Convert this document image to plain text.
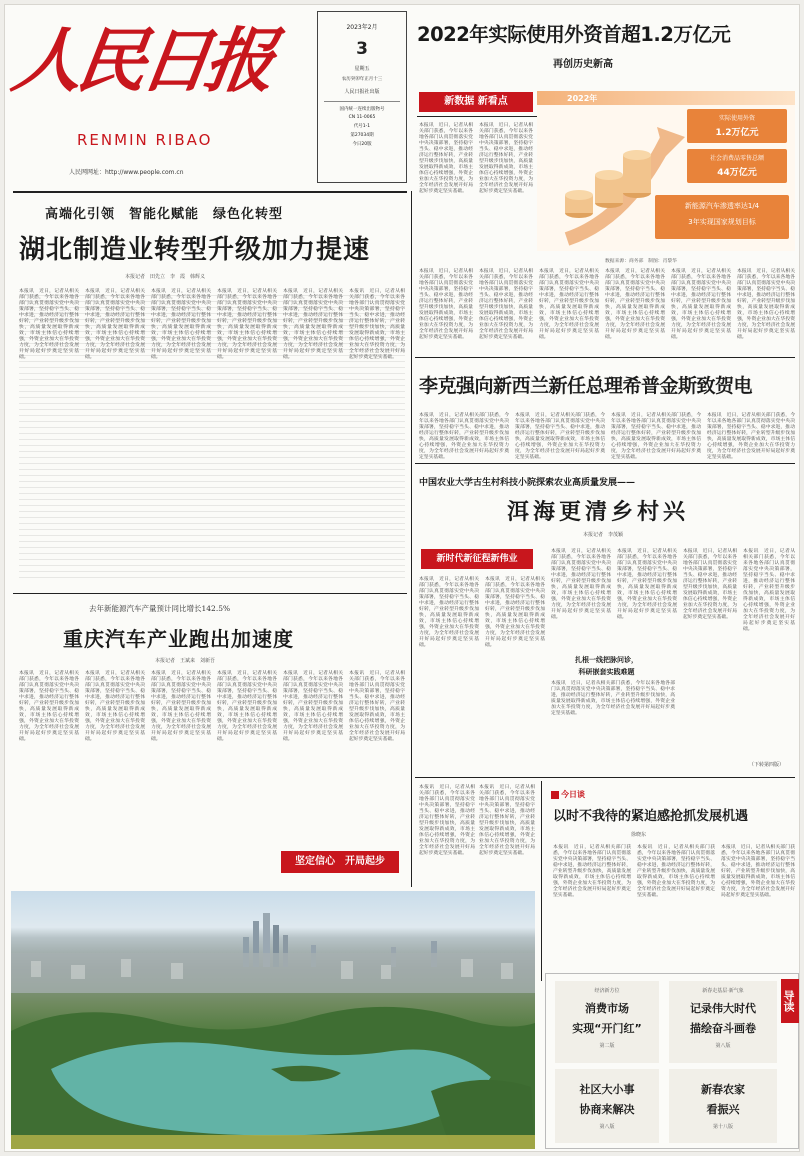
人民日报
RENMIN RIBAO
人民网网址：http://www.people.com.cn
2023年2月
3
星期五
农历癸卯年正月十三
人民日报社出版
国内统一连续出版物号
CN 11-0065
代号1-1
第27034期
今日20版
2022年实际使用外资首超1.2万亿元
再创历史新高
新数据 新看点
本报讯　近日，记者从相关部门获悉，今年以来各地各部门认真贯彻落实党中央决策部署，坚持稳字当头、稳中求进，推动经济运行整体好转，产业转型升级步伐加快，高质量发展取得新成效，市场主体信心持续增强，外资企业加大在华投资力度，为全年经济社会发展开好局起好步奠定坚实基础。
本报讯　近日，记者从相关部门获悉，今年以来各地各部门认真贯彻落实党中央决策部署，坚持稳字当头、稳中求进，推动经济运行整体好转，产业转型升级步伐加快，高质量发展取得新成效，市场主体信心持续增强，外资企业加大在华投资力度，为全年经济社会发展开好局起好步奠定坚实基础。
本报讯　近日，记者从相关部门获悉，今年以来各地各部门认真贯彻落实党中央决策部署，坚持稳字当头、稳中求进，推动经济运行整体好转，产业转型升级步伐加快，高质量发展取得新成效，市场主体信心持续增强，外资企业加大在华投资力度，为全年经济社会发展开好局起好步奠定坚实基础。
本报讯　近日，记者从相关部门获悉，今年以来各地各部门认真贯彻落实党中央决策部署，坚持稳字当头、稳中求进，推动经济运行整体好转，产业转型升级步伐加快，高质量发展取得新成效，市场主体信心持续增强，外资企业加大在华投资力度，为全年经济社会发展开好局起好步奠定坚实基础。
本报讯　近日，记者从相关部门获悉，今年以来各地各部门认真贯彻落实党中央决策部署，坚持稳字当头、稳中求进，推动经济运行整体好转，产业转型升级步伐加快，高质量发展取得新成效，市场主体信心持续增强，外资企业加大在华投资力度，为全年经济社会发展开好局起好步奠定坚实基础。
本报讯　近日，记者从相关部门获悉，今年以来各地各部门认真贯彻落实党中央决策部署，坚持稳字当头、稳中求进，推动经济运行整体好转，产业转型升级步伐加快，高质量发展取得新成效，市场主体信心持续增强，外资企业加大在华投资力度，为全年经济社会发展开好局起好步奠定坚实基础。
本报讯　近日，记者从相关部门获悉，今年以来各地各部门认真贯彻落实党中央决策部署，坚持稳字当头、稳中求进，推动经济运行整体好转，产业转型升级步伐加快，高质量发展取得新成效，市场主体信心持续增强，外资企业加大在华投资力度，为全年经济社会发展开好局起好步奠定坚实基础。
本报讯　近日，记者从相关部门获悉，今年以来各地各部门认真贯彻落实党中央决策部署，坚持稳字当头、稳中求进，推动经济运行整体好转，产业转型升级步伐加快，高质量发展取得新成效，市场主体信心持续增强，外资企业加大在华投资力度，为全年经济社会发展开好局起好步奠定坚实基础。
2022年
实际使用外资
1.2万亿元
社会消费品零售总额
44万亿元
新能源汽车渗透率达1/4
3年实现国家规划目标
数据来源：商务部　制图：肖黎华
高端化引领　智能化赋能　绿色化转型
湖北制造业转型升级加力提速
本报记者　田先立　李　霞　韩辉义
本报讯　近日，记者从相关部门获悉，今年以来各地各部门认真贯彻落实党中央决策部署，坚持稳字当头、稳中求进，推动经济运行整体好转，产业转型升级步伐加快，高质量发展取得新成效，市场主体信心持续增强，外资企业加大在华投资力度，为全年经济社会发展开好局起好步奠定坚实基础。
本报讯　近日，记者从相关部门获悉，今年以来各地各部门认真贯彻落实党中央决策部署，坚持稳字当头、稳中求进，推动经济运行整体好转，产业转型升级步伐加快，高质量发展取得新成效，市场主体信心持续增强，外资企业加大在华投资力度，为全年经济社会发展开好局起好步奠定坚实基础。
本报讯　近日，记者从相关部门获悉，今年以来各地各部门认真贯彻落实党中央决策部署，坚持稳字当头、稳中求进，推动经济运行整体好转，产业转型升级步伐加快，高质量发展取得新成效，市场主体信心持续增强，外资企业加大在华投资力度，为全年经济社会发展开好局起好步奠定坚实基础。
本报讯　近日，记者从相关部门获悉，今年以来各地各部门认真贯彻落实党中央决策部署，坚持稳字当头、稳中求进，推动经济运行整体好转，产业转型升级步伐加快，高质量发展取得新成效，市场主体信心持续增强，外资企业加大在华投资力度，为全年经济社会发展开好局起好步奠定坚实基础。
本报讯　近日，记者从相关部门获悉，今年以来各地各部门认真贯彻落实党中央决策部署，坚持稳字当头、稳中求进，推动经济运行整体好转，产业转型升级步伐加快，高质量发展取得新成效，市场主体信心持续增强，外资企业加大在华投资力度，为全年经济社会发展开好局起好步奠定坚实基础。
本报讯　近日，记者从相关部门获悉，今年以来各地各部门认真贯彻落实党中央决策部署，坚持稳字当头、稳中求进，推动经济运行整体好转，产业转型升级步伐加快，高质量发展取得新成效，市场主体信心持续增强，外资企业加大在华投资力度，为全年经济社会发展开好局起好步奠定坚实基础。
去年新能源汽车产量预计同比增长142.5%
重庆汽车产业跑出加速度
本报记者　王斌来　刘新吾
本报讯　近日，记者从相关部门获悉，今年以来各地各部门认真贯彻落实党中央决策部署，坚持稳字当头、稳中求进，推动经济运行整体好转，产业转型升级步伐加快，高质量发展取得新成效，市场主体信心持续增强，外资企业加大在华投资力度，为全年经济社会发展开好局起好步奠定坚实基础。
本报讯　近日，记者从相关部门获悉，今年以来各地各部门认真贯彻落实党中央决策部署，坚持稳字当头、稳中求进，推动经济运行整体好转，产业转型升级步伐加快，高质量发展取得新成效，市场主体信心持续增强，外资企业加大在华投资力度，为全年经济社会发展开好局起好步奠定坚实基础。
本报讯　近日，记者从相关部门获悉，今年以来各地各部门认真贯彻落实党中央决策部署，坚持稳字当头、稳中求进，推动经济运行整体好转，产业转型升级步伐加快，高质量发展取得新成效，市场主体信心持续增强，外资企业加大在华投资力度，为全年经济社会发展开好局起好步奠定坚实基础。
本报讯　近日，记者从相关部门获悉，今年以来各地各部门认真贯彻落实党中央决策部署，坚持稳字当头、稳中求进，推动经济运行整体好转，产业转型升级步伐加快，高质量发展取得新成效，市场主体信心持续增强，外资企业加大在华投资力度，为全年经济社会发展开好局起好步奠定坚实基础。
本报讯　近日，记者从相关部门获悉，今年以来各地各部门认真贯彻落实党中央决策部署，坚持稳字当头、稳中求进，推动经济运行整体好转，产业转型升级步伐加快，高质量发展取得新成效，市场主体信心持续增强，外资企业加大在华投资力度，为全年经济社会发展开好局起好步奠定坚实基础。
本报讯　近日，记者从相关部门获悉，今年以来各地各部门认真贯彻落实党中央决策部署，坚持稳字当头、稳中求进，推动经济运行整体好转，产业转型升级步伐加快，高质量发展取得新成效，市场主体信心持续增强，外资企业加大在华投资力度，为全年经济社会发展开好局起好步奠定坚实基础。
坚定信心　开局起步
李克强向新西兰新任总理希普金斯致贺电
本报讯　近日，记者从相关部门获悉，今年以来各地各部门认真贯彻落实党中央决策部署，坚持稳字当头、稳中求进，推动经济运行整体好转，产业转型升级步伐加快，高质量发展取得新成效，市场主体信心持续增强，外资企业加大在华投资力度，为全年经济社会发展开好局起好步奠定坚实基础。
本报讯　近日，记者从相关部门获悉，今年以来各地各部门认真贯彻落实党中央决策部署，坚持稳字当头、稳中求进，推动经济运行整体好转，产业转型升级步伐加快，高质量发展取得新成效，市场主体信心持续增强，外资企业加大在华投资力度，为全年经济社会发展开好局起好步奠定坚实基础。
本报讯　近日，记者从相关部门获悉，今年以来各地各部门认真贯彻落实党中央决策部署，坚持稳字当头、稳中求进，推动经济运行整体好转，产业转型升级步伐加快，高质量发展取得新成效，市场主体信心持续增强，外资企业加大在华投资力度，为全年经济社会发展开好局起好步奠定坚实基础。
本报讯　近日，记者从相关部门获悉，今年以来各地各部门认真贯彻落实党中央决策部署，坚持稳字当头、稳中求进，推动经济运行整体好转，产业转型升级步伐加快，高质量发展取得新成效，市场主体信心持续增强，外资企业加大在华投资力度，为全年经济社会发展开好局起好步奠定坚实基础。
中国农业大学古生村科技小院探索农业高质量发展——
洱海更清乡村兴
本报记者　李茂颖
新时代新征程新伟业
本报讯　近日，记者从相关部门获悉，今年以来各地各部门认真贯彻落实党中央决策部署，坚持稳字当头、稳中求进，推动经济运行整体好转，产业转型升级步伐加快，高质量发展取得新成效，市场主体信心持续增强，外资企业加大在华投资力度，为全年经济社会发展开好局起好步奠定坚实基础。
本报讯　近日，记者从相关部门获悉，今年以来各地各部门认真贯彻落实党中央决策部署，坚持稳字当头、稳中求进，推动经济运行整体好转，产业转型升级步伐加快，高质量发展取得新成效，市场主体信心持续增强，外资企业加大在华投资力度，为全年经济社会发展开好局起好步奠定坚实基础。
本报讯　近日，记者从相关部门获悉，今年以来各地各部门认真贯彻落实党中央决策部署，坚持稳字当头、稳中求进，推动经济运行整体好转，产业转型升级步伐加快，高质量发展取得新成效，市场主体信心持续增强，外资企业加大在华投资力度，为全年经济社会发展开好局起好步奠定坚实基础。
扎根一线把脉问诊，
科研嵌套实践难题
本报讯　近日，记者从相关部门获悉，今年以来各地各部门认真贯彻落实党中央决策部署，坚持稳字当头、稳中求进，推动经济运行整体好转，产业转型升级步伐加快，高质量发展取得新成效，市场主体信心持续增强，外资企业加大在华投资力度，为全年经济社会发展开好局起好步奠定坚实基础。
本报讯　近日，记者从相关部门获悉，今年以来各地各部门认真贯彻落实党中央决策部署，坚持稳字当头、稳中求进，推动经济运行整体好转，产业转型升级步伐加快，高质量发展取得新成效，市场主体信心持续增强，外资企业加大在华投资力度，为全年经济社会发展开好局起好步奠定坚实基础。
本报讯　近日，记者从相关部门获悉，今年以来各地各部门认真贯彻落实党中央决策部署，坚持稳字当头、稳中求进，推动经济运行整体好转，产业转型升级步伐加快，高质量发展取得新成效，市场主体信心持续增强，外资企业加大在华投资力度，为全年经济社会发展开好局起好步奠定坚实基础。
本报讯　近日，记者从相关部门获悉，今年以来各地各部门认真贯彻落实党中央决策部署，坚持稳字当头、稳中求进，推动经济运行整体好转，产业转型升级步伐加快，高质量发展取得新成效，市场主体信心持续增强，外资企业加大在华投资力度，为全年经济社会发展开好局起好步奠定坚实基础。
（下转第四版）
本报讯　近日，记者从相关部门获悉，今年以来各地各部门认真贯彻落实党中央决策部署，坚持稳字当头、稳中求进，推动经济运行整体好转，产业转型升级步伐加快，高质量发展取得新成效，市场主体信心持续增强，外资企业加大在华投资力度，为全年经济社会发展开好局起好步奠定坚实基础。
本报讯　近日，记者从相关部门获悉，今年以来各地各部门认真贯彻落实党中央决策部署，坚持稳字当头、稳中求进，推动经济运行整体好转，产业转型升级步伐加快，高质量发展取得新成效，市场主体信心持续增强，外资企业加大在华投资力度，为全年经济社会发展开好局起好步奠定坚实基础。
今日谈
以时不我待的紧迫感抢抓发展机遇
徐晓东
本报讯　近日，记者从相关部门获悉，今年以来各地各部门认真贯彻落实党中央决策部署，坚持稳字当头、稳中求进，推动经济运行整体好转，产业转型升级步伐加快，高质量发展取得新成效，市场主体信心持续增强，外资企业加大在华投资力度，为全年经济社会发展开好局起好步奠定坚实基础。
本报讯　近日，记者从相关部门获悉，今年以来各地各部门认真贯彻落实党中央决策部署，坚持稳字当头、稳中求进，推动经济运行整体好转，产业转型升级步伐加快，高质量发展取得新成效，市场主体信心持续增强，外资企业加大在华投资力度，为全年经济社会发展开好局起好步奠定坚实基础。
本报讯　近日，记者从相关部门获悉，今年以来各地各部门认真贯彻落实党中央决策部署，坚持稳字当头、稳中求进，推动经济运行整体好转，产业转型升级步伐加快，高质量发展取得新成效，市场主体信心持续增强，外资企业加大在华投资力度，为全年经济社会发展开好局起好步奠定坚实基础。
导读
经济新方位
消费市场
实现“开门红”
第二版
新春走基层·新气象
记录伟大时代
描绘奋斗画卷
第八版
社区大小事
协商来解决
第八版
新春农家
看振兴
第十八版
